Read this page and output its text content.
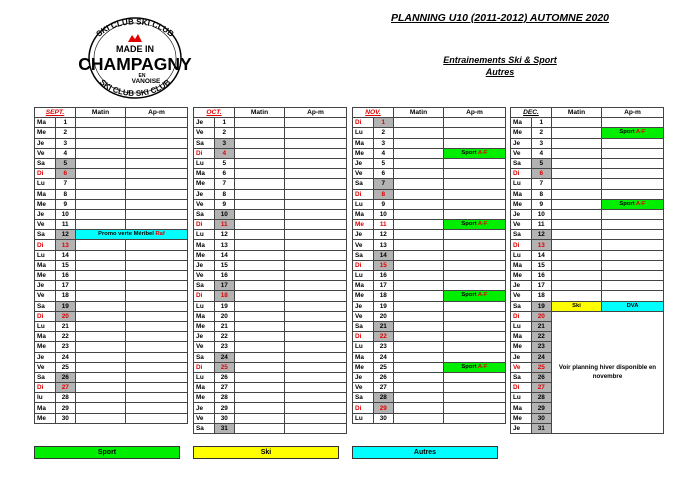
SKI CLUB SKI CLUB
SKI CLUB SKI CLUB
MADE IN
CHAMPAGNY
EN
VANOISE
PLANNING U10 (2011-2012) AUTOMNE 2020
Entrainements Ski & Sport
Autres
SEPT.		Matin	Ap-m
Ma	1		
Me	2		
Je	3		
Ve	4		
Sa	5		
Di	6		
Lu	7		
Ma	8		
Me	9		
Je	10		
Ve	11		
Sa	12	Promo verte Méribel Raf	
Di	13		
Lu	14		
Ma	15		
Me	16		
Je	17		
Ve	18		
Sa	19		
Di	20		
Lu	21		
Ma	22		
Me	23		
Je	24		
Ve	25		
Sa	26		
Di	27		
lu	28		
Ma	29		
Me	30		
OCT.		Matin	Ap-m
Je	1		
Ve	2		
Sa	3		
Di	4		
Lu	5		
Ma	6		
Me	7		
Je	8		
Ve	9		
Sa	10		
Di	11		
Lu	12		
Ma	13		
Me	14		
Je	15		
Ve	16		
Sa	17		
Di	18		
Lu	19		
Ma	20		
Me	21		
Je	22		
Ve	23		
Sa	24		
Di	25		
Lu	26		
Ma	27		
Me	28		
Je	29		
Ve	30		
Sa	31		
NOV.		Matin	Ap-m
Di	1		
Lu	2		
Ma	3		
Me	4		Sport A-F
Je	5		
Ve	6		
Sa	7		
Di	8		
Lu	9		
Ma	10		
Me	11		Sport A-F
Je	12		
Ve	13		
Sa	14		
Di	15		
Lu	16		
Ma	17		
Me	18		Sport A-F
Je	19		
Ve	20		
Sa	21		
Di	22		
Lu	23		
Ma	24		
Me	25		Sport A-F
Je	26		
Ve	27		
Sa	28		
Di	29		
Lu	30		
DEC.		Matin	Ap-m
Ma	1		
Me	2		Sport A-F
Je	3		
Ve	4		
Sa	5		
Di	6		
Lu	7		
Ma	8		
Me	9		Sport A-F
Je	10		
Ve	11		
Sa	12		
Di	13		
Lu	14		
Ma	15		
Me	16		
Je	17		
Ve	18		
Sa	19	Ski	DVA
Di	20	Voir planning hiver disponible en novembre	
Lu	21		
Ma	22		
Me	23		
Je	24		
Ve	25		
Sa	26		
Di	27		
Lu	28		
Ma	29		
Me	30		
Je	31		
Sport	Ski	Autres
